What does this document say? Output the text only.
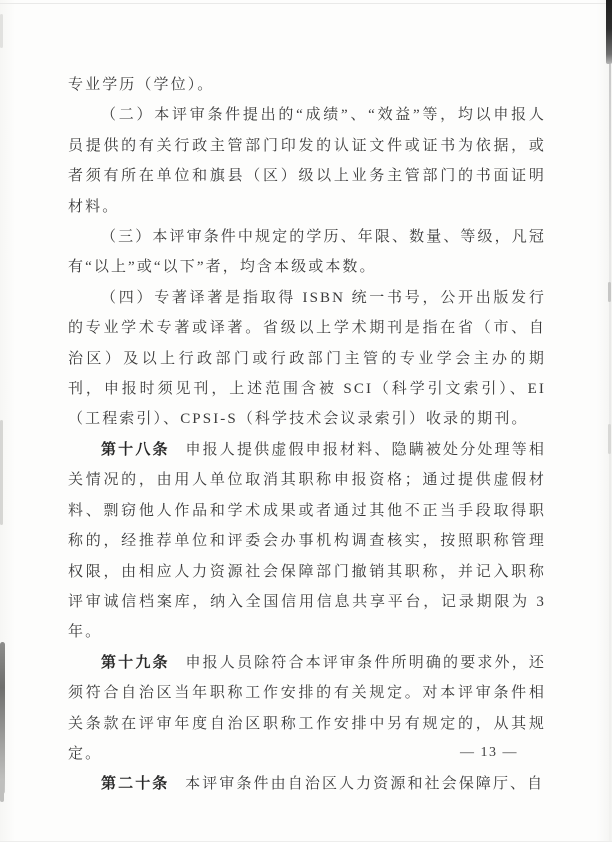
专业学历（学位）。

（二）本评审条件提出的“成绩”、“效益”等，均以申报人员提供的有关行政主管部门印发的认证文件或证书为依据，或者须有所在单位和旗县（区）级以上业务主管部门的书面证明材料。

（三）本评审条件中规定的学历、年限、数量、等级，凡冠有“以上”或“以下”者，均含本级或本数。

（四）专著译著是指取得 ISBN 统一书号，公开出版发行的专业学术专著或译著。省级以上学术期刊是指在省（市、自治区）及以上行政部门或行政部门主管的专业学会主办的期刊，申报时须见刊，上述范围含被 SCI（科学引文索引）、EI（工程索引）、CPSI-S（科学技术会议录索引）收录的期刊。

第十八条 申报人提供虚假申报材料、隐瞒被处分处理等相关情况的，由用人单位取消其职称申报资格；通过提供虚假材料、剽窃他人作品和学术成果或者通过其他不正当手段取得职称的，经推荐单位和评委会办事机构调查核实，按照职称管理权限，由相应人力资源社会保障部门撤销其职称，并记入职称评审诚信档案库，纳入全国信用信息共享平台，记录期限为 3 年。

第十九条 申报人员除符合本评审条件所明确的要求外，还须符合自治区当年职称工作安排的有关规定。对本评审条件相关条款在评审年度自治区职称工作安排中另有规定的，从其规定。

第二十条 本评审条件由自治区人力资源和社会保障厅、自

— 13 —
